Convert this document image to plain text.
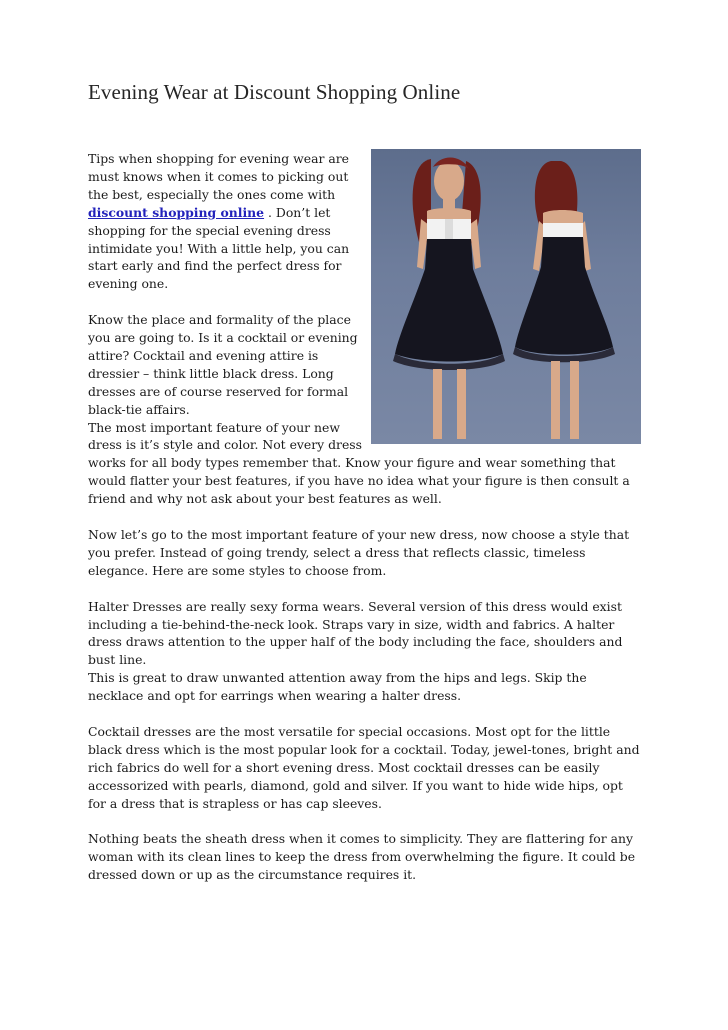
Evening Wear at Discount Shopping Online

Tips when shopping for evening wear are must knows when it comes to picking out the best, especially the ones come with discount shopping online . Don’t let shopping for the special evening dress intimidate you! With a little help, you can start early and find the perfect dress for evening one.

Know the place and formality of the place you are going to. Is it a cocktail or evening attire? Cocktail and evening attire is dressier – think little black dress. Long dresses are of course reserved for formal black-tie affairs.

The most important feature of your new dress is it’s style and color. Not every dress works for all body types remember that. Know your figure and wear something that would flatter your best features, if you have no idea what your figure is then consult a friend and why not ask about your best features as well.

Now let’s go to the most important feature of your new dress, now choose a style that you prefer. Instead of going trendy, select a dress that reflects classic, timeless elegance. Here are some styles to choose from.

Halter Dresses are really sexy forma wears. Several version of this dress would exist including a tie-behind-the-neck look. Straps vary in size, width and fabrics. A halter dress draws attention to the upper half of the body including the face, shoulders and bust line.

This is great to draw unwanted attention away from the hips and legs. Skip the necklace and opt for earrings when wearing a halter dress.

Cocktail dresses are the most versatile for special occasions. Most opt for the little black dress which is the most popular look for a cocktail. Today, jewel-tones, bright and rich fabrics do well for a short evening dress. Most cocktail dresses can be easily accessorized with pearls, diamond, gold and silver. If you want to hide wide hips, opt for a dress that is strapless or has cap sleeves.

Nothing beats the sheath dress when it comes to simplicity. They are flattering for any woman with its clean lines to keep the dress from overwhelming the figure. It could be dressed down or up as the circumstance requires it.
